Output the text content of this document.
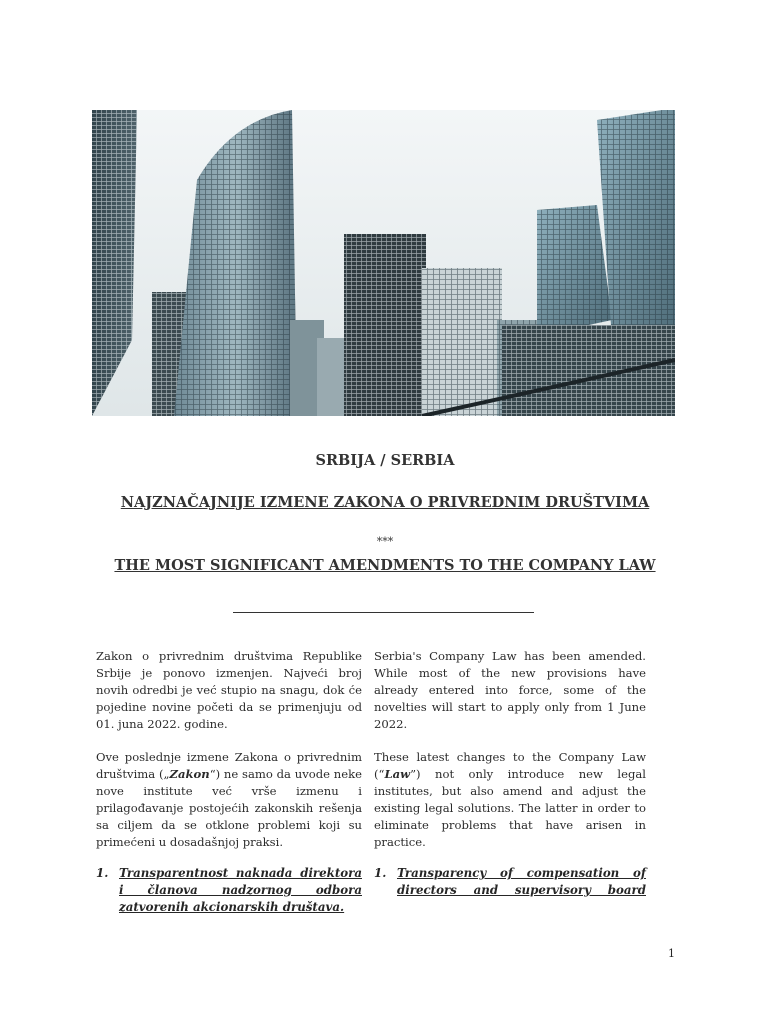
SRBIJA / SERBIA
NAJZNAČAJNIJE IZMENE ZAKONA O PRIVREDNIM DRUŠTVIMA
***
THE MOST SIGNIFICANT AMENDMENTS TO THE COMPANY LAW

Zakon o privrednim društvima Republike Srbije je ponovo izmenjen. Najveći broj novih odredbi je već stupio na snagu, dok će pojedine novine početi da se primenjuju od 01. juna 2022. godine.

Serbia's Company Law has been amended. While most of the new provisions have already entered into force, some of the novelties will start to apply only from 1 June 2022.

Ove poslednje izmene Zakona o privrednim društvima („Zakon“) ne samo da uvode neke nove institute već vrše izmenu i prilagođavanje postojećih zakonskih rešenja sa ciljem da se otklone problemi koji su primećeni u dosadašnjoj praksi.

These latest changes to the Company Law (“Law”) not only introduce new legal institutes, but also amend and adjust the existing legal solutions. The latter in order to eliminate problems that have arisen in practice.

1. Transparentnost naknada direktora i članova nadzornog odbora zatvorenih akcionarskih društava.
1. Transparency of compensation of directors and supervisory board
1
